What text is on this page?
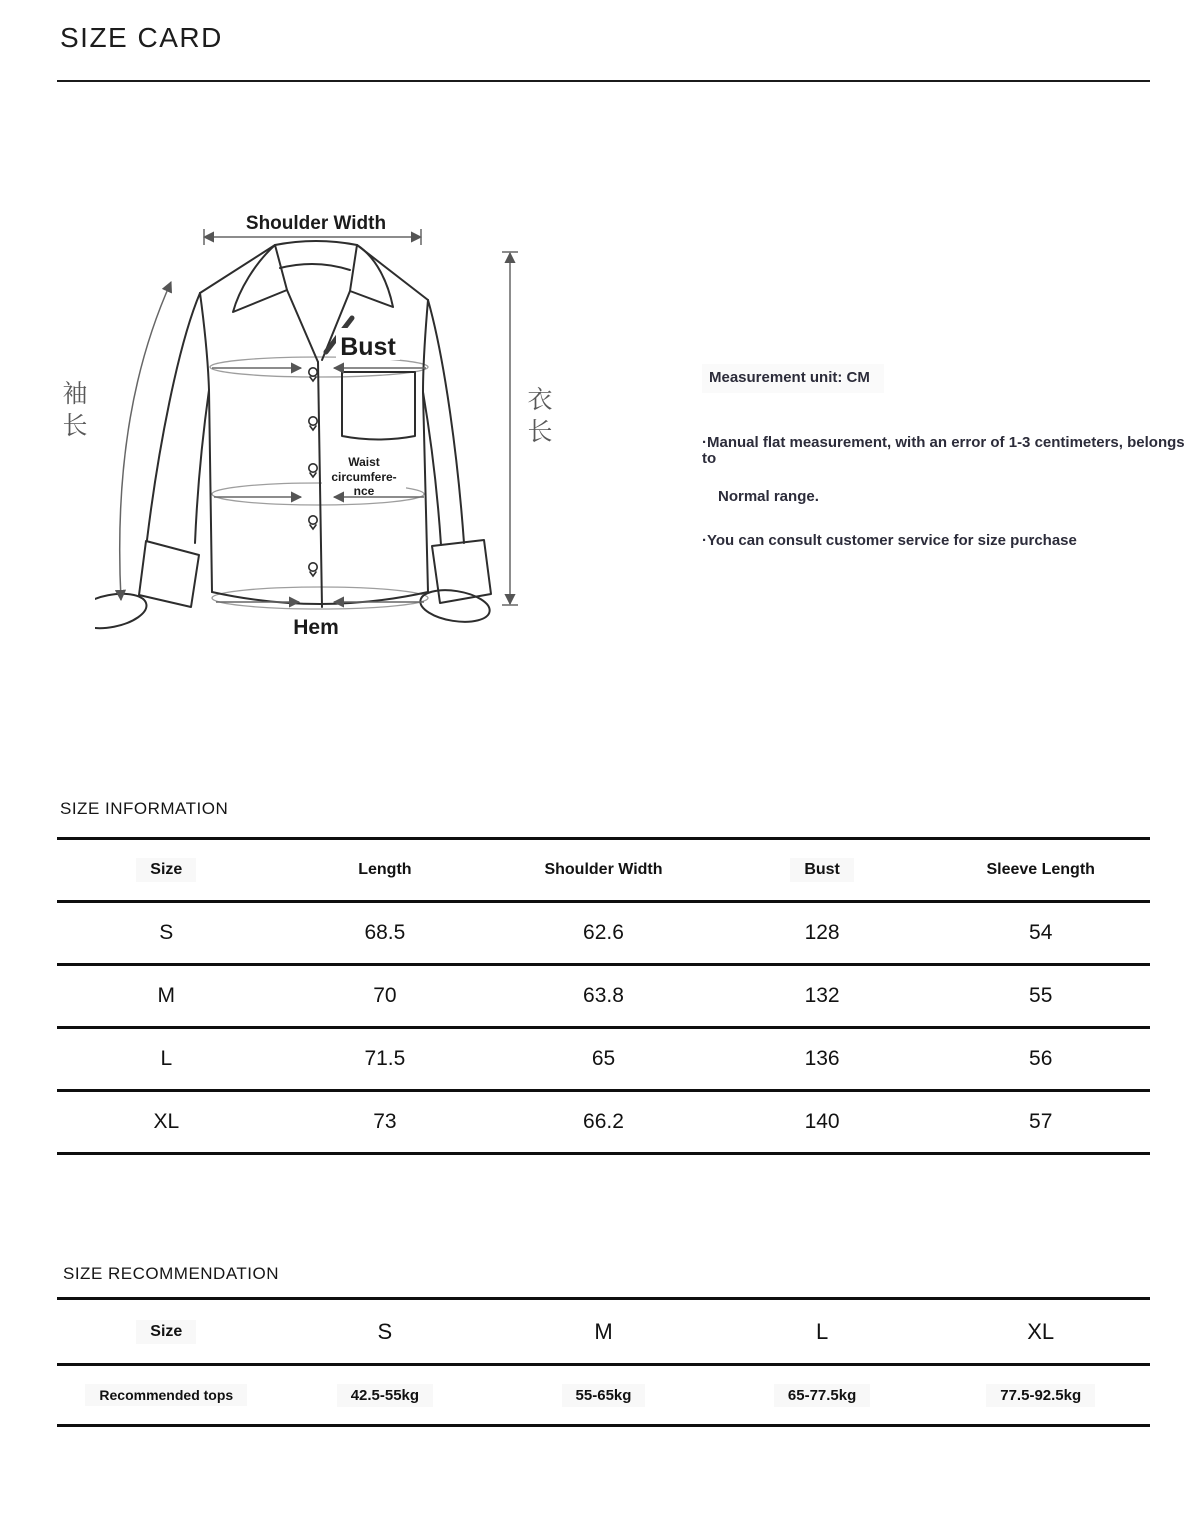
SIZE CARD
Shoulder Width
Bust
Waist
circumfere-
nce
Hem
袖长	衣长
Measurement unit: CM

·Manual flat measurement, with an error of 1-3 centimeters, belongs to

Normal range.

·You can consult customer service for size purchase

SIZE INFORMATION
Size	Length	Shoulder Width	Bust	Sleeve Length
S	68.5	62.6	128	54
M	70	63.8	132	55
L	71.5	65	136	56
XL	73	66.2	140	57
SIZE RECOMMENDATION
Size	S	M	L	XL
Recommended tops	42.5-55kg	55-65kg	65-77.5kg	77.5-92.5kg
